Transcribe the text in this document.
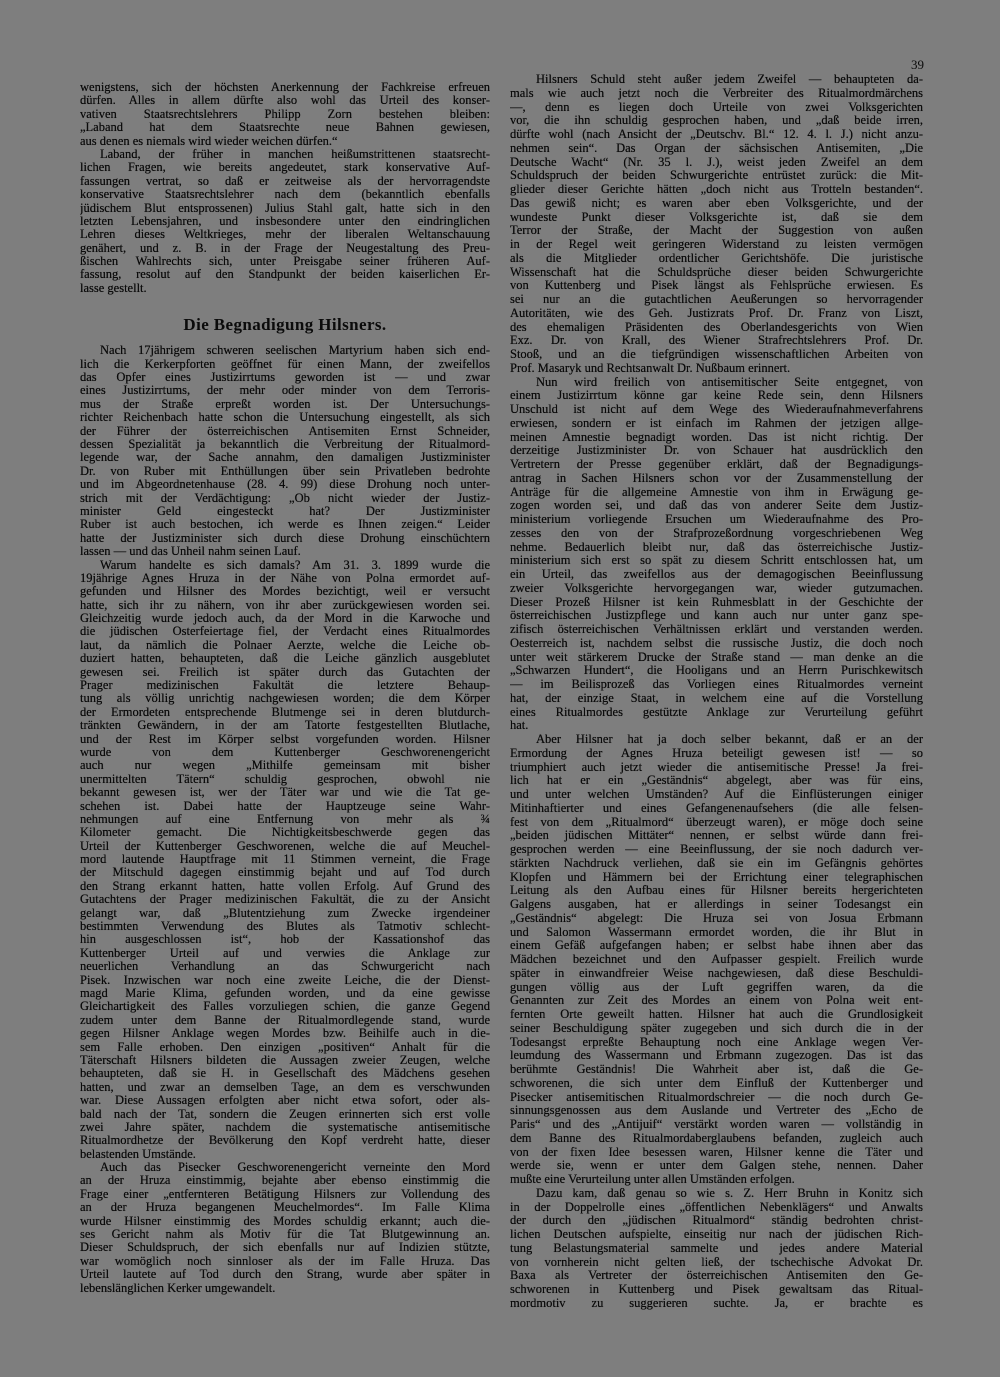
39
wenigstens, sich der höchsten Anerkennung der Fachkreise erfreuen
dürfen. Alles in allem dürfte also wohl das Urteil des konser-
vativen Staatsrechtslehrers Philipp Zorn bestehen bleiben:
„Laband hat dem Staatsrechte neue Bahnen gewiesen,
aus denen es niemals wird wieder weichen dürfen.“
Laband, der früher in manchen heißumstrittenen staatsrecht-
lichen Fragen, wie bereits angedeutet, stark konservative Auf-
fassungen vertrat, so daß er zeitweise als der hervorragendste
konservative Staatsrechtslehrer nach dem (bekanntlich ebenfalls
jüdischem Blut entsprossenen) Julius Stahl galt, hatte sich in den
letzten Lebensjahren, und insbesondere unter den eindringlichen
Lehren dieses Weltkrieges, mehr der liberalen Weltanschauung
genähert, und z. B. in der Frage der Neugestaltung des Preu-
ßischen Wahlrechts sich, unter Preisgabe seiner früheren Auf-
fassung, resolut auf den Standpunkt der beiden kaiserlichen Er-
lasse gestellt.
Die Begnadigung Hilsners.
Nach 17jährigem schweren seelischen Martyrium haben sich end-
lich die Kerkerpforten geöffnet für einen Mann, der zweifellos
das Opfer eines Justizirrtums geworden ist — und zwar
eines Justizirrtums, der mehr oder minder von dem Terroris-
mus der Straße erpreßt worden ist. Der Untersuchungs-
richter Reichenbach hatte schon die Untersuchung eingestellt, als sich
der Führer der österreichischen Antisemiten Ernst Schneider,
dessen Spezialität ja bekanntlich die Verbreitung der Ritualmord-
legende war, der Sache annahm, den damaligen Justizminister
Dr. von Ruber mit Enthüllungen über sein Privatleben bedrohte
und im Abgeordnetenhause (28. 4. 99) diese Drohung noch unter-
strich mit der Verdächtigung: „Ob nicht wieder der Justiz-
minister Geld eingesteckt hat? Der Justizminister
Ruber ist auch bestochen, ich werde es Ihnen zeigen.“ Leider
hatte der Justizminister sich durch diese Drohung einschüchtern
lassen — und das Unheil nahm seinen Lauf.
Warum handelte es sich damals? Am 31. 3. 1899 wurde die
19jährige Agnes Hruza in der Nähe von Polna ermordet auf-
gefunden und Hilsner des Mordes bezichtigt, weil er versucht
hatte, sich ihr zu nähern, von ihr aber zurückgewiesen worden sei.
Gleichzeitig wurde jedoch auch, da der Mord in die Karwoche und
die jüdischen Osterfeiertage fiel, der Verdacht eines Ritualmordes
laut, da nämlich die Polnaer Aerzte, welche die Leiche ob-
duziert hatten, behaupteten, daß die Leiche gänzlich ausgeblutet
gewesen sei. Freilich ist später durch das Gutachten der
Prager medizinischen Fakultät die letztere Behaup-
tung als völlig unrichtig nachgewiesen worden; die dem Körper
der Ermordeten entsprechende Blutmenge sei in deren blutdurch-
tränkten Gewändern, in der am Tatorte festgestellten Blutlache,
und der Rest im Körper selbst vorgefunden worden. Hilsner
wurde von dem Kuttenberger Geschworenengericht
auch nur wegen „Mithilfe gemeinsam mit bisher
unermittelten Tätern“ schuldig gesprochen, obwohl nie
bekannt gewesen ist, wer der Täter war und wie die Tat ge-
schehen ist. Dabei hatte der Hauptzeuge seine Wahr-
nehmungen auf eine Entfernung von mehr als ¾
Kilometer gemacht. Die Nichtigkeitsbeschwerde gegen das
Urteil der Kuttenberger Geschworenen, welche die auf Meuchel-
mord lautende Hauptfrage mit 11 Stimmen verneint, die Frage
der Mitschuld dagegen einstimmig bejaht und auf Tod durch
den Strang erkannt hatten, hatte vollen Erfolg. Auf Grund des
Gutachtens der Prager medizinischen Fakultät, die zu der Ansicht
gelangt war, daß „Blutentziehung zum Zwecke irgendeiner
bestimmten Verwendung des Blutes als Tatmotiv schlecht-
hin ausgeschlossen ist“, hob der Kassationshof das
Kuttenberger Urteil auf und verwies die Anklage zur
neuerlichen Verhandlung an das Schwurgericht nach
Pisek. Inzwischen war noch eine zweite Leiche, die der Dienst-
magd Marie Klima, gefunden worden, und da eine gewisse
Gleichartigkeit des Falles vorzuliegen schien, die ganze Gegend
zudem unter dem Banne der Ritualmordlegende stand, wurde
gegen Hilsner Anklage wegen Mordes bzw. Beihilfe auch in die-
sem Falle erhoben. Den einzigen „positiven“ Anhalt für die
Täterschaft Hilsners bildeten die Aussagen zweier Zeugen, welche
behaupteten, daß sie H. in Gesellschaft des Mädchens gesehen
hatten, und zwar an demselben Tage, an dem es verschwunden
war. Diese Aussagen erfolgten aber nicht etwa sofort, oder als-
bald nach der Tat, sondern die Zeugen erinnerten sich erst volle
zwei Jahre später, nachdem die systematische antisemitische
Ritualmordhetze der Bevölkerung den Kopf verdreht hatte, dieser
belastenden Umstände.
Auch das Pisecker Geschworenengericht verneinte den Mord
an der Hruza einstimmig, bejahte aber ebenso einstimmig die
Frage einer „entfernteren Betätigung Hilsners zur Vollendung des
an der Hruza begangenen Meuchelmordes“. Im Falle Klima
wurde Hilsner einstimmig des Mordes schuldig erkannt; auch die-
ses Gericht nahm als Motiv für die Tat Blutgewinnung an.
Dieser Schuldspruch, der sich ebenfalls nur auf Indizien stützte,
war womöglich noch sinnloser als der im Falle Hruza. Das
Urteil lautete auf Tod durch den Strang, wurde aber später in
lebenslänglichen Kerker umgewandelt.
Hilsners Schuld steht außer jedem Zweifel — behaupteten da-
mals wie auch jetzt noch die Verbreiter des Ritualmordmärchens
—, denn es liegen doch Urteile von zwei Volksgerichten
vor, die ihn schuldig gesprochen haben, und „daß beide irren,
dürfte wohl (nach Ansicht der „Deutschv. Bl.“ 12. 4. l. J.) nicht anzu-
nehmen sein“. Das Organ der sächsischen Antisemiten, „Die
Deutsche Wacht“ (Nr. 35 l. J.), weist jeden Zweifel an dem
Schuldspruch der beiden Schwurgerichte entrüstet zurück: die Mit-
glieder dieser Gerichte hätten „doch nicht aus Trotteln bestanden“.
Das gewiß nicht; es waren aber eben Volksgerichte, und der
wundeste Punkt dieser Volksgerichte ist, daß sie dem
Terror der Straße, der Macht der Suggestion von außen
in der Regel weit geringeren Widerstand zu leisten vermögen
als die Mitglieder ordentlicher Gerichtshöfe. Die juristische
Wissenschaft hat die Schuldsprüche dieser beiden Schwurgerichte
von Kuttenberg und Pisek längst als Fehlsprüche erwiesen. Es
sei nur an die gutachtlichen Aeußerungen so hervorragender
Autoritäten, wie des Geh. Justizrats Prof. Dr. Franz von Liszt,
des ehemaligen Präsidenten des Oberlandesgerichts von Wien
Exz. Dr. von Krall, des Wiener Strafrechtslehrers Prof. Dr.
Stooß, und an die tiefgründigen wissenschaftlichen Arbeiten von
Prof. Masaryk und Rechtsanwalt Dr. Nußbaum erinnert.
Nun wird freilich von antisemitischer Seite entgegnet, von
einem Justizirrtum könne gar keine Rede sein, denn Hilsners
Unschuld ist nicht auf dem Wege des Wiederaufnahmeverfahrens
erwiesen, sondern er ist einfach im Rahmen der jetzigen allge-
meinen Amnestie begnadigt worden. Das ist nicht richtig. Der
derzeitige Justizminister Dr. von Schauer hat ausdrücklich den
Vertretern der Presse gegenüber erklärt, daß der Begnadigungs-
antrag in Sachen Hilsners schon vor der Zusammenstellung der
Anträge für die allgemeine Amnestie von ihm in Erwägung ge-
zogen worden sei, und daß das von anderer Seite dem Justiz-
ministerium vorliegende Ersuchen um Wiederaufnahme des Pro-
zesses den von der Strafprozeßordnung vorgeschriebenen Weg
nehme. Bedauerlich bleibt nur, daß das österreichische Justiz-
ministerium sich erst so spät zu diesem Schritt entschlossen hat, um
ein Urteil, das zweifellos aus der demagogischen Beeinflussung
zweier Volksgerichte hervorgegangen war, wieder gutzumachen.
Dieser Prozeß Hilsner ist kein Ruhmesblatt in der Geschichte der
österreichischen Justizpflege und kann auch nur unter ganz spe-
zifisch österreichischen Verhältnissen erklärt und verstanden werden.
Oesterreich ist, nachdem selbst die russische Justiz, die doch noch
unter weit stärkerem Drucke der Straße stand — man denke an die
„Schwarzen Hundert“, die Hooligans und an Herrn Purischkewitsch
— im Beilisprozeß das Vorliegen eines Ritualmordes verneint
hat, der einzige Staat, in welchem eine auf die Vorstellung
eines Ritualmordes gestützte Anklage zur Verurteilung geführt
hat.
Aber Hilsner hat ja doch selber bekannt, daß er an der
Ermordung der Agnes Hruza beteiligt gewesen ist! — so
triumphiert auch jetzt wieder die antisemitische Presse! Ja frei-
lich hat er ein „Geständnis“ abgelegt, aber was für eins,
und unter welchen Umständen? Auf die Einflüsterungen einiger
Mitinhaftierter und eines Gefangenenaufsehers (die alle felsen-
fest von dem „Ritualmord“ überzeugt waren), er möge doch seine
„beiden jüdischen Mittäter“ nennen, er selbst würde dann frei-
gesprochen werden — eine Beeinflussung, der sie noch dadurch ver-
stärkten Nachdruck verliehen, daß sie ein im Gefängnis gehörtes
Klopfen und Hämmern bei der Errichtung einer telegraphischen
Leitung als den Aufbau eines für Hilsner bereits hergerichteten
Galgens ausgaben, hat er allerdings in seiner Todesangst ein
„Geständnis“ abgelegt: Die Hruza sei von Josua Erbmann
und Salomon Wassermann ermordet worden, die ihr Blut in
einem Gefäß aufgefangen haben; er selbst habe ihnen aber das
Mädchen bezeichnet und den Aufpasser gespielt. Freilich wurde
später in einwandfreier Weise nachgewiesen, daß diese Beschuldi-
gungen völlig aus der Luft gegriffen waren, da die
Genannten zur Zeit des Mordes an einem von Polna weit ent-
fernten Orte geweilt hatten. Hilsner hat auch die Grundlosigkeit
seiner Beschuldigung später zugegeben und sich durch die in der
Todesangst erpreßte Behauptung noch eine Anklage wegen Ver-
leumdung des Wassermann und Erbmann zugezogen. Das ist das
berühmte Geständnis! Die Wahrheit aber ist, daß die Ge-
schworenen, die sich unter dem Einfluß der Kuttenberger und
Pisecker antisemitischen Ritualmordschreier — die noch durch Ge-
sinnungsgenossen aus dem Auslande und Vertreter des „Echo de
Paris“ und des „Antijuif“ verstärkt worden waren — vollständig in
dem Banne des Ritualmordaberglaubens befanden, zugleich auch
von der fixen Idee besessen waren, Hilsner kenne die Täter und
werde sie, wenn er unter dem Galgen stehe, nennen. Daher
mußte eine Verurteilung unter allen Umständen erfolgen.
Dazu kam, daß genau so wie s. Z. Herr Bruhn in Konitz sich
in der Doppelrolle eines „öffentlichen Nebenklägers“ und Anwalts
der durch den „jüdischen Ritualmord“ ständig bedrohten christ-
lichen Deutschen aufspielte, einseitig nur nach der jüdischen Rich-
tung Belastungsmaterial sammelte und jedes andere Material
von vornherein nicht gelten ließ, der tschechische Advokat Dr.
Baxa als Vertreter der österreichischen Antisemiten den Ge-
schworenen in Kuttenberg und Pisek gewaltsam das Ritual-
mordmotiv zu suggerieren suchte. Ja, er brachte es
